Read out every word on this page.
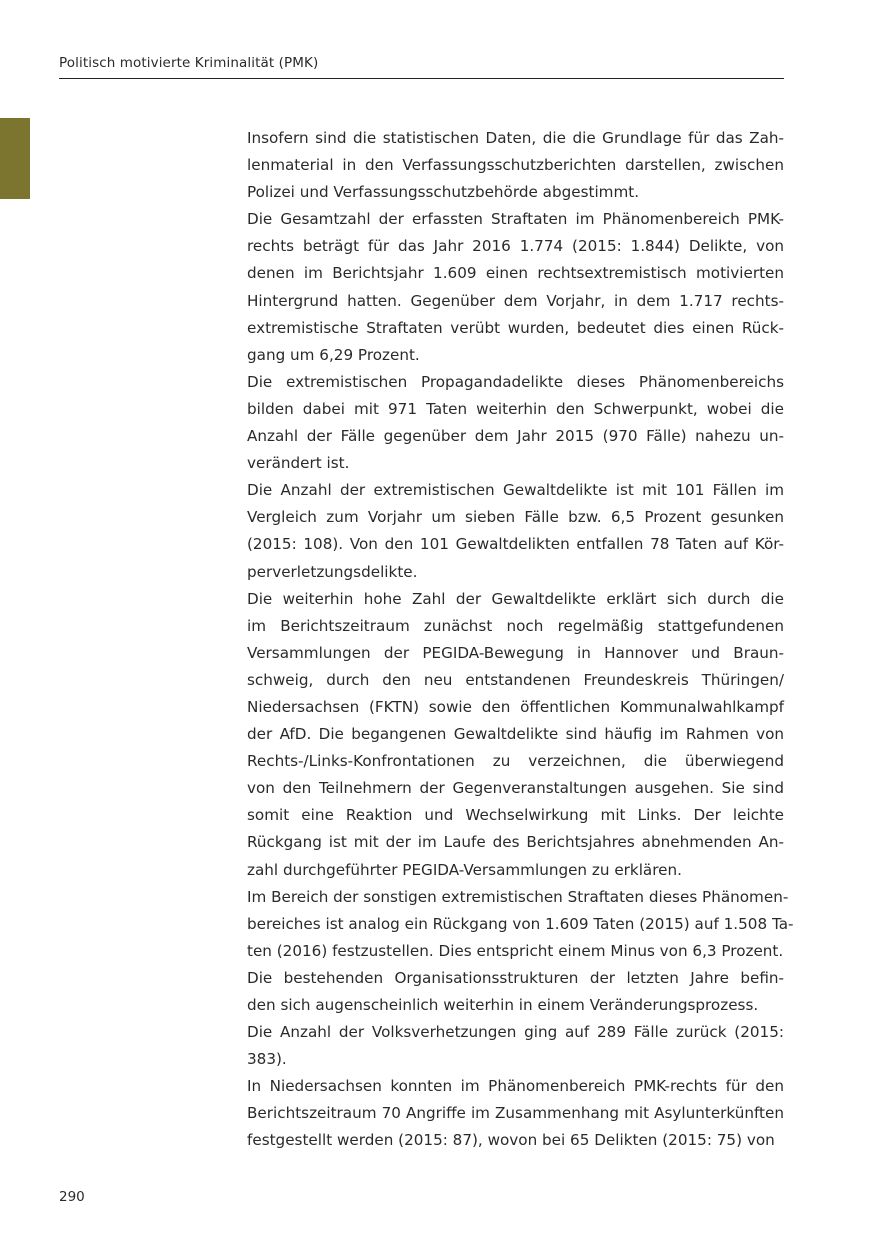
Politisch motivierte Kriminalität (PMK)

Insofern sind die statistischen Daten, die die Grundlage für das Zah-
lenmaterial in den Verfassungsschutzberichten darstellen, zwischen
Polizei und Verfassungsschutzbehörde abgestimmt.

Die Gesamtzahl der erfassten Straftaten im Phänomenbereich PMK-
rechts beträgt für das Jahr 2016 1.774 (2015: 1.844) Delikte, von
denen im Berichtsjahr 1.609 einen rechtsextremistisch motivierten
Hintergrund hatten. Gegenüber dem Vorjahr, in dem 1.717 rechts-
extremistische Straftaten verübt wurden, bedeutet dies einen Rück-
gang um 6,29 Prozent.

Die extremistischen Propagandadelikte dieses Phänomenbereichs
bilden dabei mit 971 Taten weiterhin den Schwerpunkt, wobei die
Anzahl der Fälle gegenüber dem Jahr 2015 (970 Fälle) nahezu un-
verändert ist.

Die Anzahl der extremistischen Gewaltdelikte ist mit 101 Fällen im
Vergleich zum Vorjahr um sieben Fälle bzw. 6,5 Prozent gesunken
(2015: 108). Von den 101 Gewaltdelikten entfallen 78 Taten auf Kör-
perverletzungsdelikte.

Die weiterhin hohe Zahl der Gewaltdelikte erklärt sich durch die
im Berichtszeitraum zunächst noch regelmäßig stattgefundenen
Versammlungen der PEGIDA-Bewegung in Hannover und Braun-
schweig, durch den neu entstandenen Freundeskreis Thüringen/
Niedersachsen (FKTN) sowie den öffentlichen Kommunalwahlkampf
der AfD. Die begangenen Gewaltdelikte sind häufig im Rahmen von
Rechts-/Links-Konfrontationen zu verzeichnen, die überwiegend
von den Teilnehmern der Gegenveranstaltungen ausgehen. Sie sind
somit eine Reaktion und Wechselwirkung mit Links. Der leichte
Rückgang ist mit der im Laufe des Berichtsjahres abnehmenden An-
zahl durchgeführter PEGIDA-Versammlungen zu erklären.

Im Bereich der sonstigen extremistischen Straftaten dieses Phänomen-
bereiches ist analog ein Rückgang von 1.609 Taten (2015) auf 1.508 Ta-
ten (2016) festzustellen. Dies entspricht einem Minus von 6,3 Prozent.

Die bestehenden Organisationsstrukturen der letzten Jahre befin-
den sich augenscheinlich weiterhin in einem Veränderungsprozess.

Die Anzahl der Volksverhetzungen ging auf 289 Fälle zurück (2015:
383).

In Niedersachsen konnten im Phänomenbereich PMK-rechts für den
Berichtszeitraum 70 Angriffe im Zusammenhang mit Asylunterkünften
festgestellt werden (2015: 87), wovon bei 65 Delikten (2015: 75) von

290
